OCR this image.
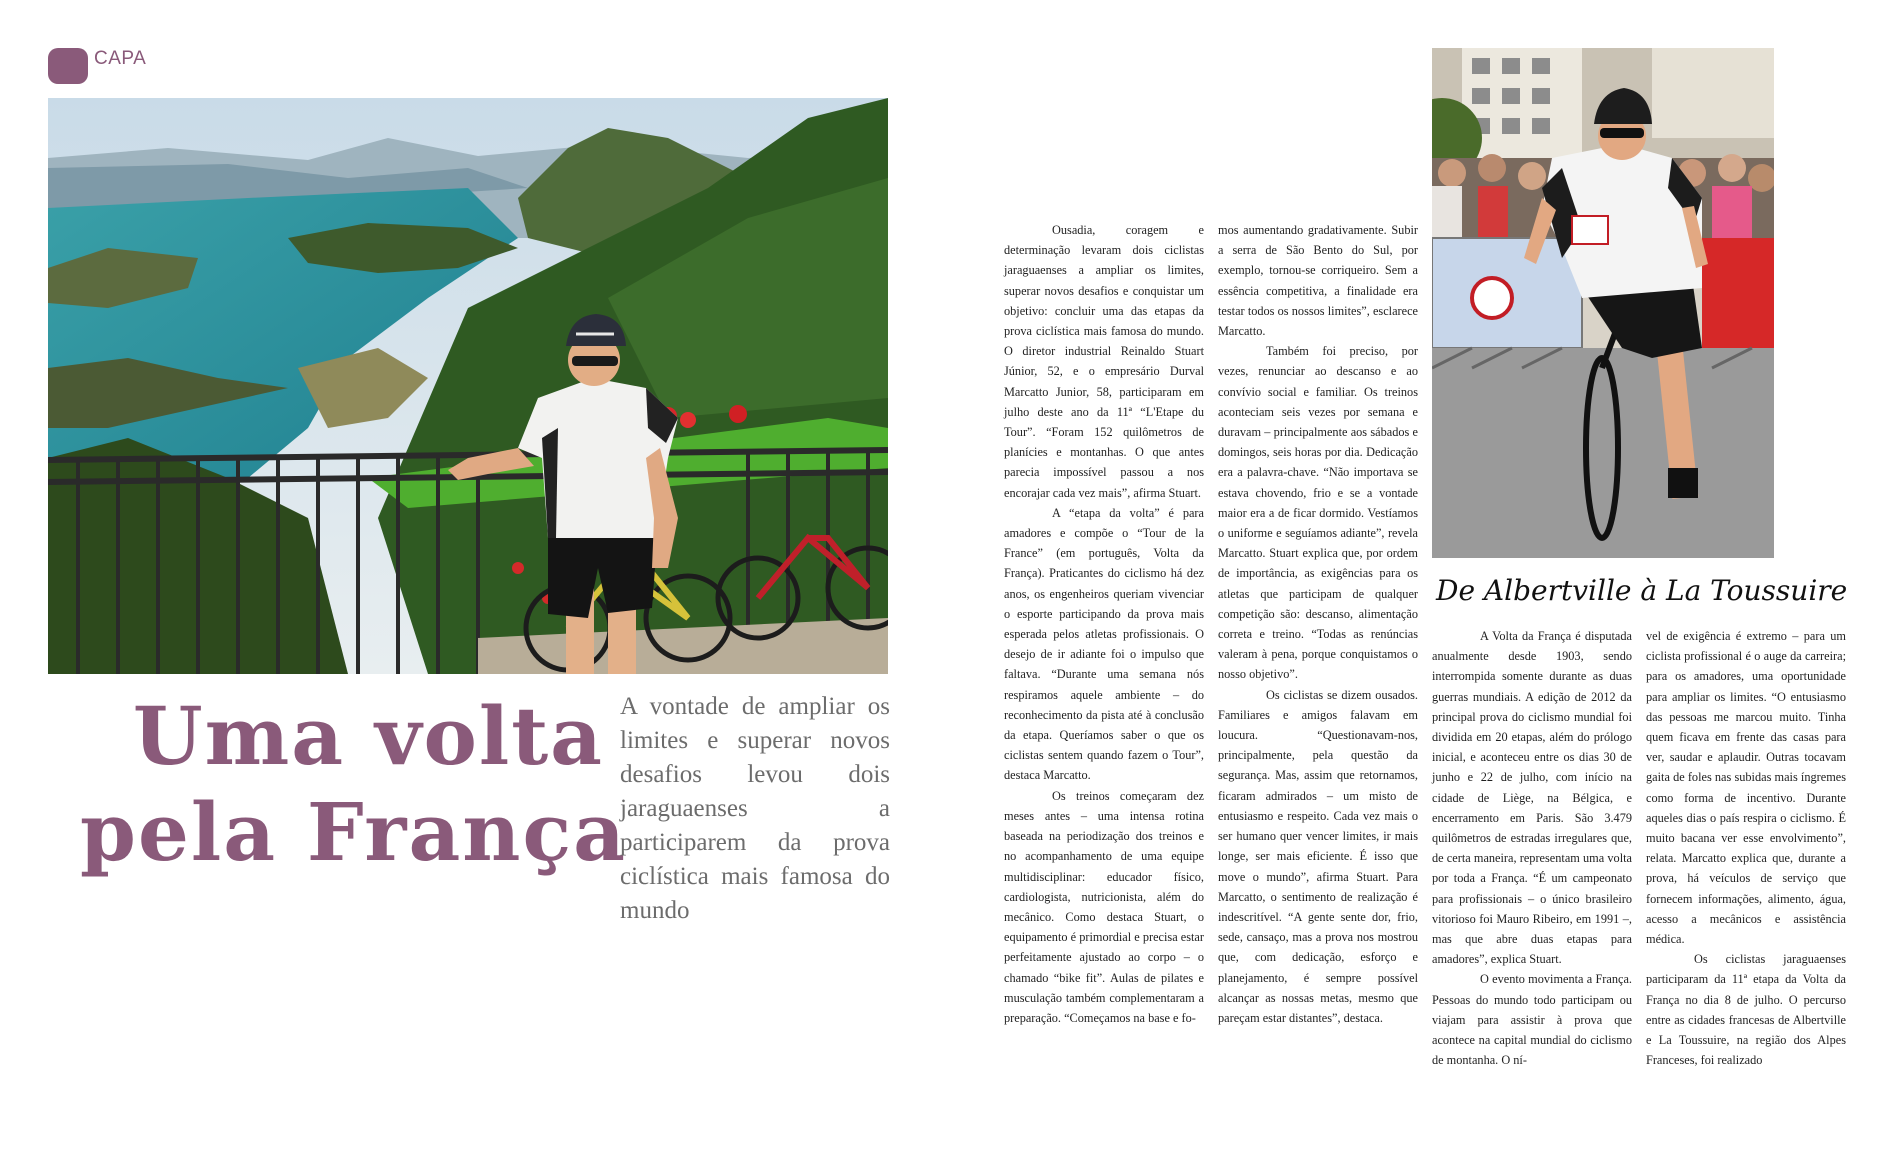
CAPA
Uma volta
pela França
A vontade de ampliar os limites e superar novos desafios levou dois jaraguaenses a participarem da prova ciclística mais famosa do mundo

Ousadia, coragem e determinação levaram dois ciclistas jaraguaenses a ampliar os limites, superar novos desafios e conquistar um objetivo: concluir uma das etapas da prova ciclística mais famosa do mundo. O diretor industrial Reinaldo Stuart Júnior, 52, e o empresário Durval Marcatto Junior, 58, participaram em julho deste ano da 11ª “L'Etape du Tour”. “Foram 152 quilômetros de planícies e montanhas. O que antes parecia impossível passou a nos encorajar cada vez mais”, afirma Stuart.

A “etapa da volta” é para amadores e compõe o “Tour de la France” (em português, Volta da França). Praticantes do ciclismo há dez anos, os engenheiros queriam vivenciar o esporte participando da prova mais esperada pelos atletas profissionais. O desejo de ir adiante foi o impulso que faltava. “Durante uma semana nós respiramos aquele ambiente – do reconhecimento da pista até à conclusão da etapa. Queríamos saber o que os ciclistas sentem quando fazem o Tour”, destaca Marcatto.

Os treinos começaram dez meses antes – uma intensa rotina baseada na periodização dos treinos e no acompanhamento de uma equipe multidisciplinar: educador físico, cardiologista, nutricionista, além do mecânico. Como destaca Stuart, o equipamento é primordial e precisa estar perfeitamente ajustado ao corpo – o chamado “bike fit”. Aulas de pilates e musculação também complementaram a preparação. “Começamos na base e fo-

mos aumentando gradativamente. Subir a serra de São Bento do Sul, por exemplo, tornou-se corriqueiro. Sem a essência competitiva, a finalidade era testar todos os nossos limites”, esclarece Marcatto.

Também foi preciso, por vezes, renunciar ao descanso e ao convívio social e familiar. Os treinos aconteciam seis vezes por semana e duravam – principalmente aos sábados e domingos, seis horas por dia. Dedicação era a palavra-chave. “Não importava se estava chovendo, frio e se a vontade maior era a de ficar dormido. Vestíamos o uniforme e seguíamos adiante”, revela Marcatto. Stuart explica que, por ordem de importância, as exigências para os atletas que participam de qualquer competição são: descanso, alimentação correta e treino. “Todas as renúncias valeram à pena, porque conquistamos o nosso objetivo”.

Os ciclistas se dizem ousados. Familiares e amigos falavam em loucura. “Questionavam-nos, principalmente, pela questão da segurança. Mas, assim que retornamos, ficaram admirados – um misto de entusiasmo e respeito. Cada vez mais o ser humano quer vencer limites, ir mais longe, ser mais eficiente. É isso que move o mundo”, afirma Stuart. Para Marcatto, o sentimento de realização é indescritível. “A gente sente dor, frio, sede, cansaço, mas a prova nos mostrou que, com dedicação, esforço e planejamento, é sempre possível alcançar as nossas metas, mesmo que pareçam estar distantes”, destaca.

De Albertville à La Toussuire

A Volta da França é disputada anualmente desde 1903, sendo interrompida somente durante as duas guerras mundiais. A edição de 2012 da principal prova do ciclismo mundial foi dividida em 20 etapas, além do prólogo inicial, e aconteceu entre os dias 30 de junho e 22 de julho, com início na cidade de Liège, na Bélgica, e encerramento em Paris. São 3.479 quilômetros de estradas irregulares que, de certa maneira, representam uma volta por toda a França. “É um campeonato para profissionais – o único brasileiro vitorioso foi Mauro Ribeiro, em 1991 –, mas que abre duas etapas para amadores”, explica Stuart.

O evento movimenta a França. Pessoas do mundo todo participam ou viajam para assistir à prova que acontece na capital mundial do ciclismo de montanha. O ní-

vel de exigência é extremo – para um ciclista profissional é o auge da carreira; para os amadores, uma oportunidade para ampliar os limites. “O entusiasmo das pessoas me marcou muito. Tinha quem ficava em frente das casas para ver, saudar e aplaudir. Outras tocavam gaita de foles nas subidas mais íngremes como forma de incentivo. Durante aqueles dias o país respira o ciclismo. É muito bacana ver esse envolvimento”, relata. Marcatto explica que, durante a prova, há veículos de serviço que fornecem informações, alimento, água, acesso a mecânicos e assistência médica.

Os ciclistas jaraguaenses participaram da 11ª etapa da Volta da França no dia 8 de julho. O percurso entre as cidades francesas de Albertville e La Toussuire, na região dos Alpes Franceses, foi realizado
